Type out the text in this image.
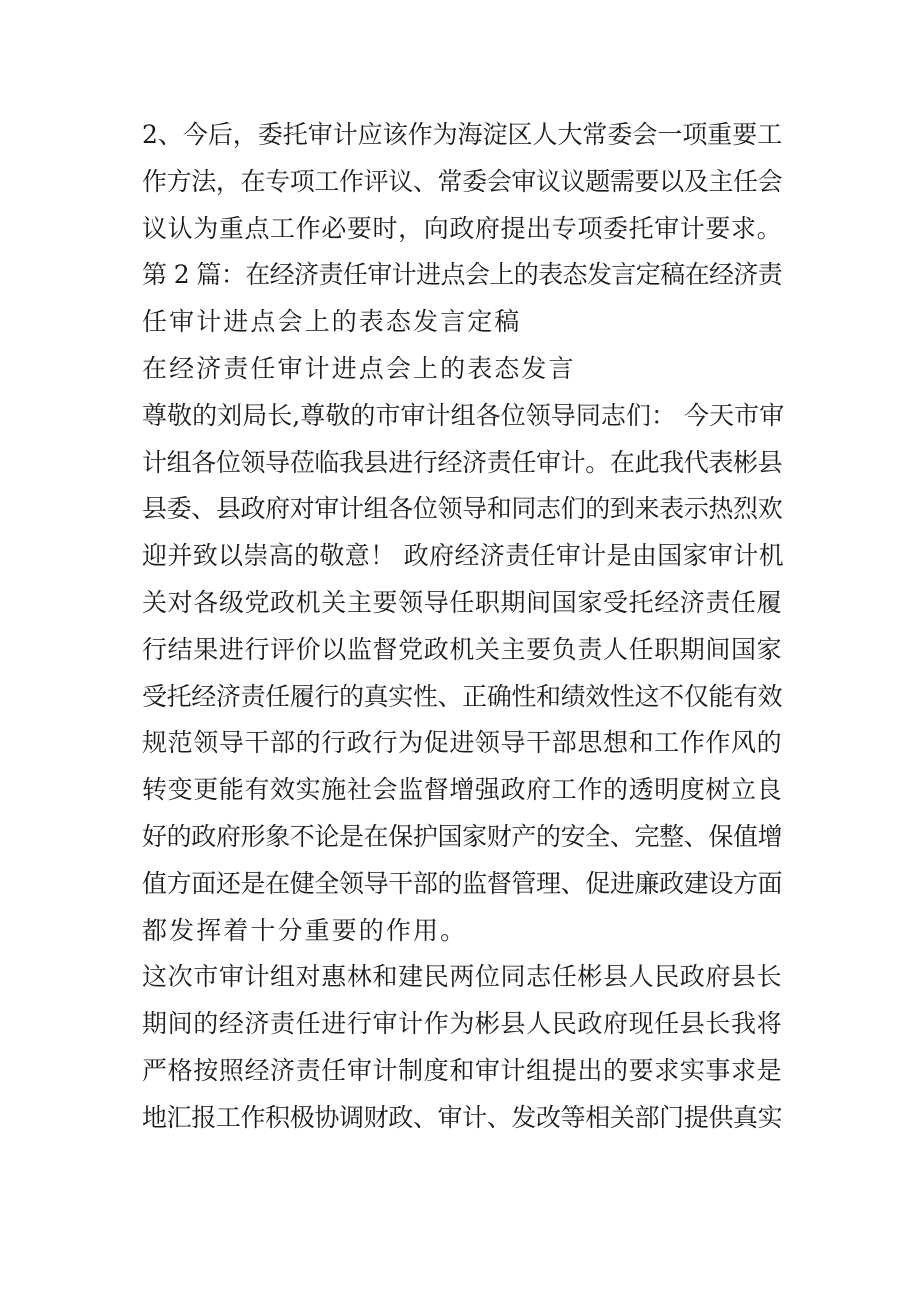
2、今后，委托审计应该作为海淀区人大常委会一项重要工
作方法，在专项工作评议、常委会审议议题需要以及主任会
议认为重点工作必要时，向政府提出专项委托审计要求。

第 2 篇：在经济责任审计进点会上的表态发言定稿在经济责
任审计进点会上的表态发言定稿

在经济责任审计进点会上的表态发言

尊敬的刘局长,尊敬的市审计组各位领导同志们： 今天市审
计组各位领导莅临我县进行经济责任审计。在此我代表彬县
县委、县政府对审计组各位领导和同志们的到来表示热烈欢
迎并致以崇高的敬意！ 政府经济责任审计是由国家审计机
关对各级党政机关主要领导任职期间国家受托经济责任履
行结果进行评价以监督党政机关主要负责人任职期间国家
受托经济责任履行的真实性、正确性和绩效性这不仅能有效
规范领导干部的行政行为促进领导干部思想和工作作风的
转变更能有效实施社会监督增强政府工作的透明度树立良
好的政府形象不论是在保护国家财产的安全、完整、保值增
值方面还是在健全领导干部的监督管理、促进廉政建设方面
都发挥着十分重要的作用。

这次市审计组对惠林和建民两位同志任彬县人民政府县长
期间的经济责任进行审计作为彬县人民政府现任县长我将
严格按照经济责任审计制度和审计组提出的要求实事求是
地汇报工作积极协调财政、审计、发改等相关部门提供真实
